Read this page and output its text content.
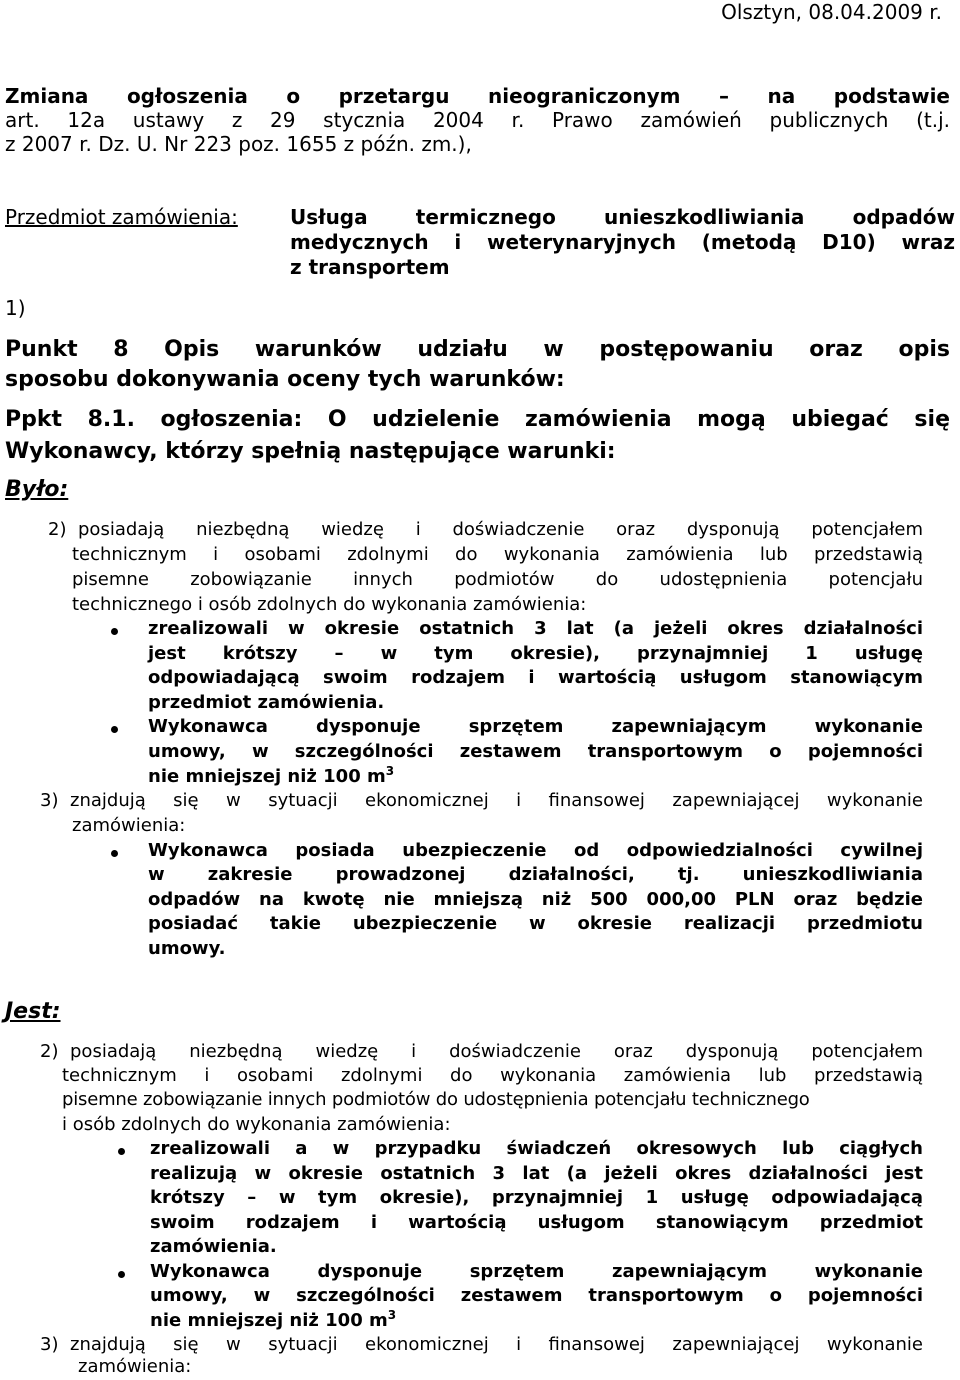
Olsztyn, 08.04.2009 r.
Zmiana ogłoszenia o przetargu nieograniczonym – na podstawie
art. 12a ustawy z 29 stycznia 2004 r. Prawo zamówień publicznych (t.j.
z 2007 r. Dz. U. Nr 223 poz. 1655 z późn. zm.),
Przedmiot zamówienia:	Usługa termicznego unieszkodliwiania odpadów
medycznych i weterynaryjnych (metodą D10) wraz
z transportem
1)
Punkt 8 Opis warunków udziału w postępowaniu oraz opis
sposobu dokonywania oceny tych warunków:
Ppkt 8.1. ogłoszenia: O udzielenie zamówienia mogą ubiegać się
Wykonawcy, którzy spełnią następujące warunki:
Było:
2) posiadają niezbędną wiedzę i doświadczenie oraz dysponują potencjałem
technicznym i osobami zdolnymi do wykonania zamówienia lub przedstawią
pisemne zobowiązanie innych podmiotów do udostępnienia potencjału
technicznego i osób zdolnych do wykonania zamówienia:
zrealizowali w okresie ostatnich 3 lat (a jeżeli okres działalności
jest krótszy – w tym okresie), przynajmniej 1 usługę
odpowiadającą swoim rodzajem i wartością usługom stanowiącym
przedmiot zamówienia.
Wykonawca dysponuje sprzętem zapewniającym wykonanie
umowy, w szczególności zestawem transportowym o pojemności
nie mniejszej niż 100 $m^3$
3) znajdują się w sytuacji ekonomicznej i finansowej zapewniającej wykonanie
zamówienia:
Wykonawca posiada ubezpieczenie od odpowiedzialności cywilnej
w zakresie prowadzonej działalności, tj. unieszkodliwiania
odpadów na kwotę nie mniejszą niż 500 000,00 PLN oraz będzie
posiadać takie ubezpieczenie w okresie realizacji przedmiotu
umowy.
Jest:
2) posiadają niezbędną wiedzę i doświadczenie oraz dysponują potencjałem
technicznym i osobami zdolnymi do wykonania zamówienia lub przedstawią
pisemne zobowiązanie innych podmiotów do udostępnienia potencjału technicznego
i osób zdolnych do wykonania zamówienia:
zrealizowali a w przypadku świadczeń okresowych lub ciągłych
realizują w okresie ostatnich 3 lat (a jeżeli okres działalności jest
krótszy – w tym okresie), przynajmniej 1 usługę odpowiadającą
swoim rodzajem i wartością usługom stanowiącym przedmiot
zamówienia.
Wykonawca dysponuje sprzętem zapewniającym wykonanie
umowy, w szczególności zestawem transportowym o pojemności
nie mniejszej niż 100 $m^3$
3) znajdują się w sytuacji ekonomicznej i finansowej zapewniającej wykonanie
zamówienia:
